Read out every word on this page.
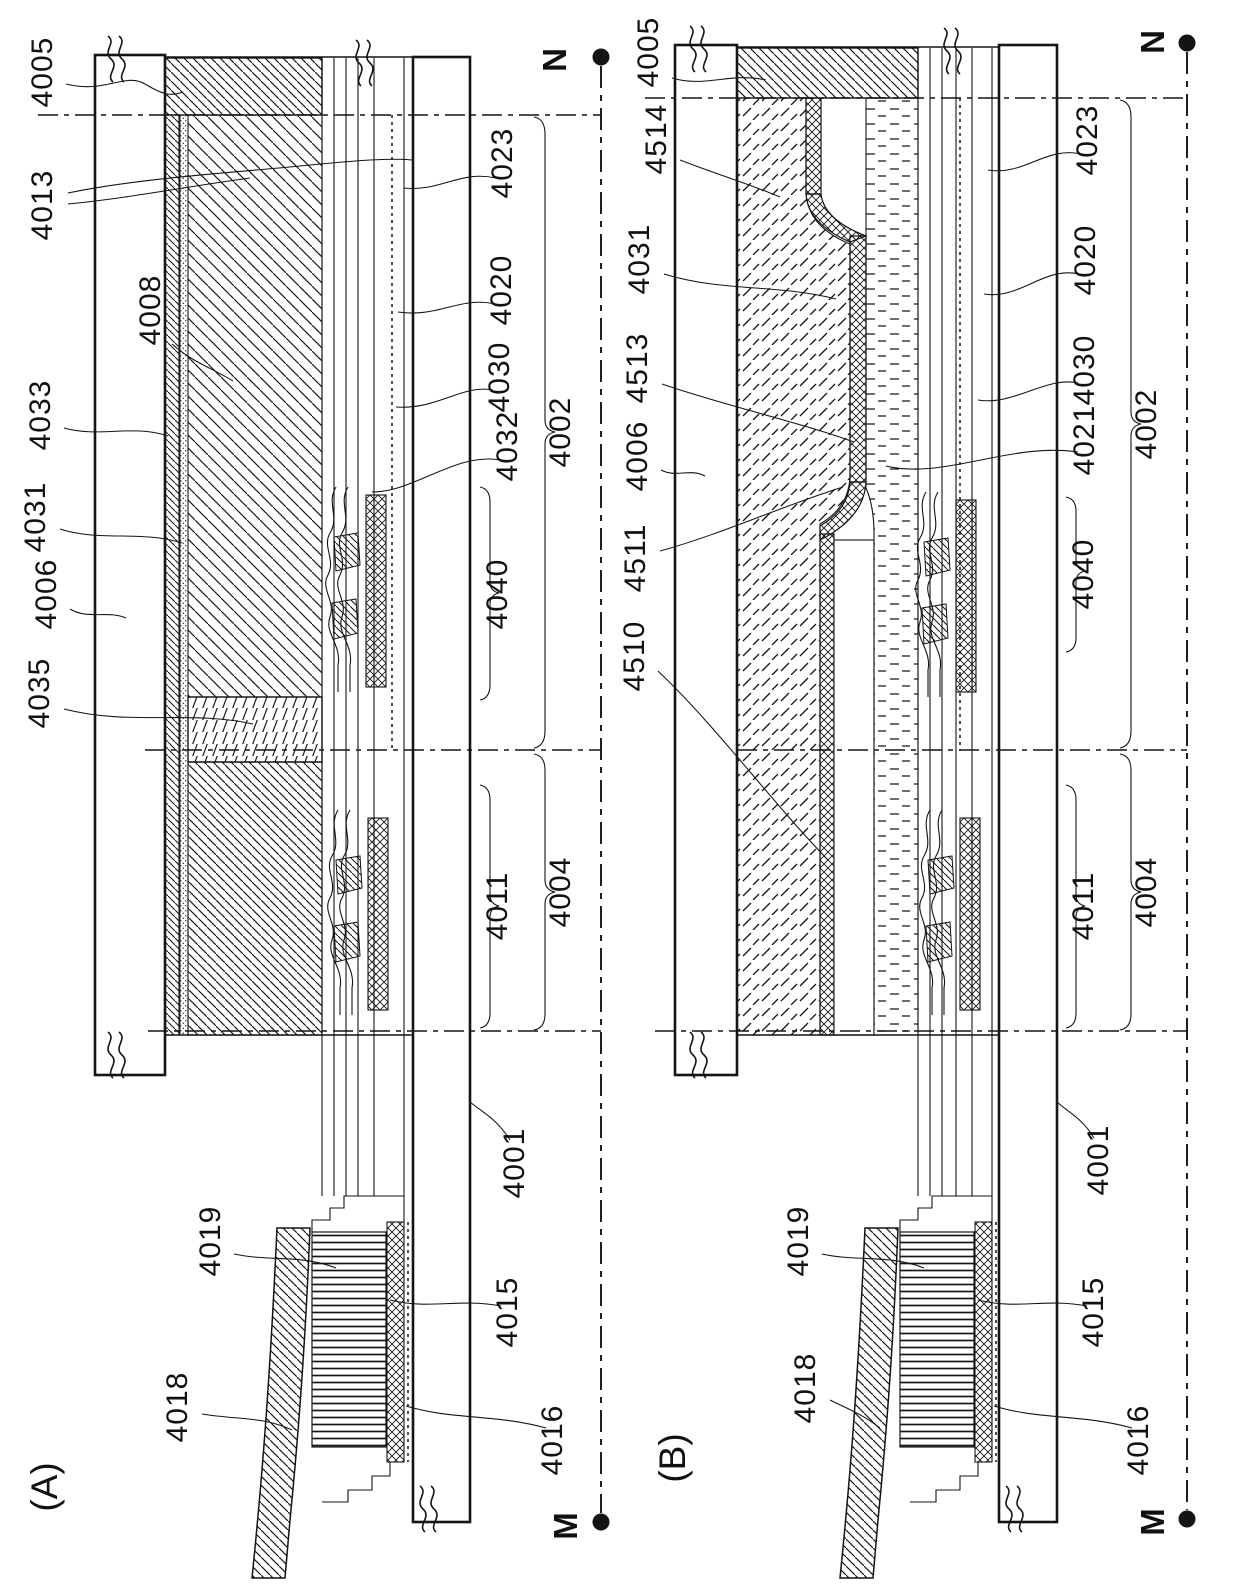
4005
4013
4008
4033
4031
4006
4035
4023
4020
4030
4032 4002
4040
4011 4004
4001
4019
4018
4015
4016
(A)
N
M
4005
4514
4031
4513
4006
4511
4510
4023
4020
4030
4021 4002
4040
4011 4004
4001
4019
4018
4015
4016
(B)
N
M
